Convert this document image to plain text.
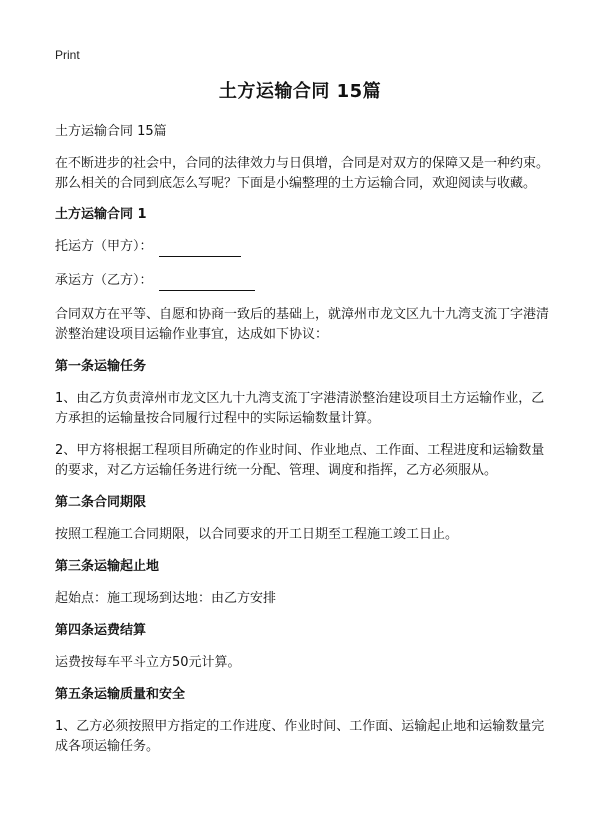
Print
土方运输合同 15篇
土方运输合同 15篇
在不断进步的社会中，合同的法律效力与日俱增，合同是对双方的保障又是一种约束。那么相关的合同到底怎么写呢？下面是小编整理的土方运输合同，欢迎阅读与收藏。
土方运输合同 1
托运方（甲方）：
承运方（乙方）：
合同双方在平等、自愿和协商一致后的基础上，就漳州市龙文区九十九湾支流丁字港清淤整治建设项目运输作业事宜，达成如下协议：
第一条运输任务
1、由乙方负责漳州市龙文区九十九湾支流丁字港清淤整治建设项目土方运输作业，乙方承担的运输量按合同履行过程中的实际运输数量计算。
2、甲方将根据工程项目所确定的作业时间、作业地点、工作面、工程进度和运输数量的要求，对乙方运输任务进行统一分配、管理、调度和指挥，乙方必须服从。
第二条合同期限
按照工程施工合同期限，以合同要求的开工日期至工程施工竣工日止。
第三条运输起止地
起始点：施工现场到达地：由乙方安排
第四条运费结算
运费按每车平斗立方50元计算。
第五条运输质量和安全
1、乙方必须按照甲方指定的工作进度、作业时间、工作面、运输起止地和运输数量完成各项运输任务。
